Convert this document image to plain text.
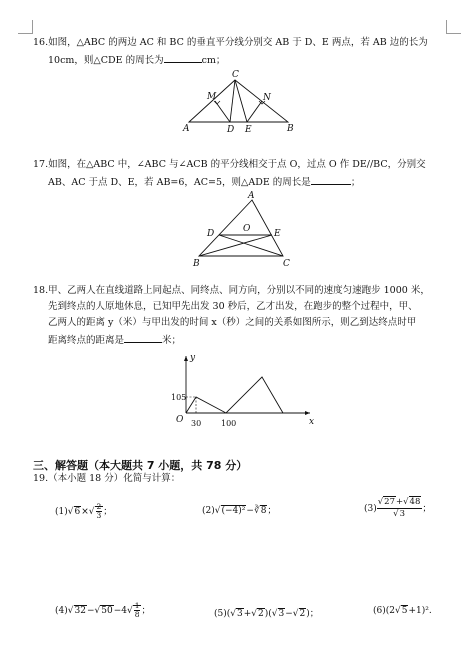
16.如图，△ABC 的两边 AC 和 BC 的垂直平分线分别交 AB 于 D、E 两点，若 AB 边的长为
10cm，则△CDE 的周长为	cm；
C
M	N
A	D E	B
17.如图，在△ABC 中，∠ABC 与∠ACB 的平分线相交于点 O，过点 O 作 DE//BC，分别交
AB、AC 于点 D、E，若 AB=6，AC=5，则△ADE 的周长是	；
A
D	O	E
B	C
18.甲、乙两人在直线道路上同起点、同终点、同方向，分别以不同的速度匀速跑步 1000 米，
先到终点的人原地休息，已知甲先出发 30 秒后，乙才出发，在跑步的整个过程中，甲、
乙两人的距离 y（米）与甲出发的时间 x（秒）之间的关系如图所示，则乙到达终点时甲
距离终点的距离是	米；
y
x
O
105
30 100
三、解答题（本大题共 7 小题，共 78 分）
19.（本小题 18 分）化简与计算：
$(1)√6\times√ \frac{2}{3}$ ；	(2)√(−4)²−∛8；	$(3) \frac{√27+√48}{√3}$ ；
$(4)√32-√50-4√ \frac{1}{8}$ ；	(5)(√3+√2)(√3−√2)；	(6)(2√5+1)².
